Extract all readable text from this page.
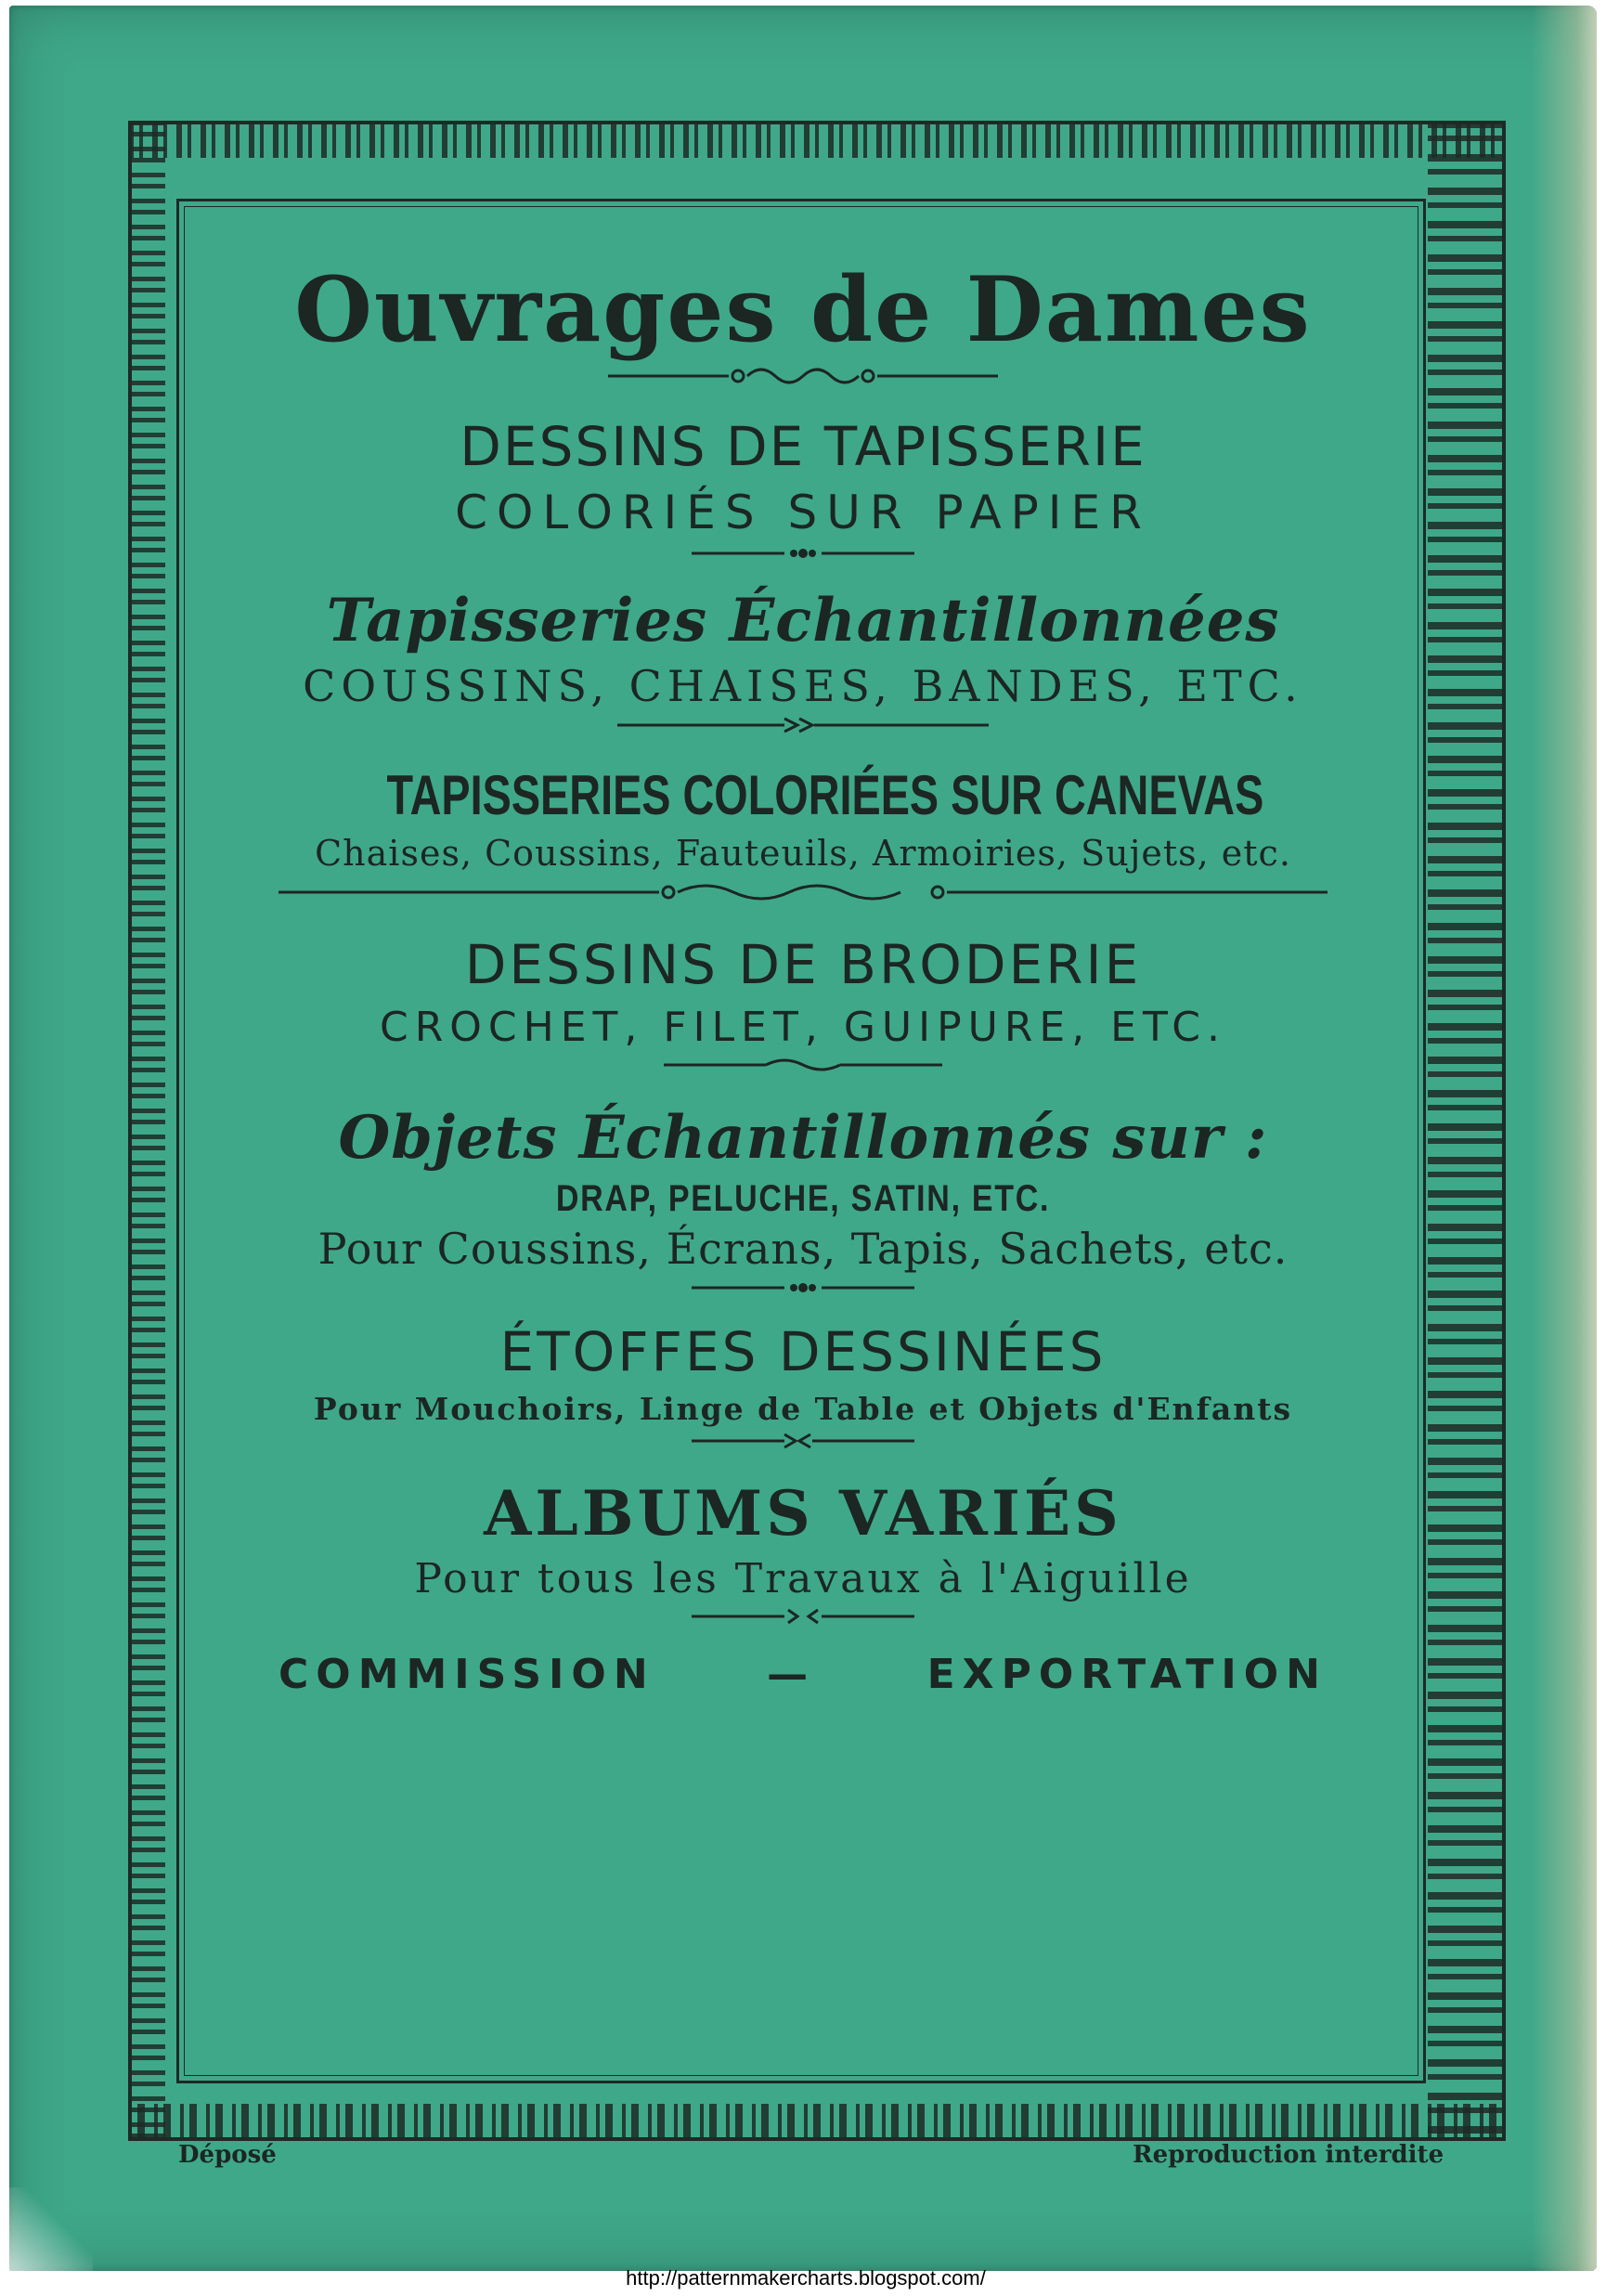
Ouvrages de Dames
DESSINS DE TAPISSERIE
COLORIÉS SUR PAPIER
Tapisseries Échantillonnées
COUSSINS, CHAISES, BANDES, ETC.
TAPISSERIES COLORIÉES SUR CANEVAS
Chaises, Coussins, Fauteuils, Armoiries, Sujets, etc.
DESSINS DE BRODERIE
CROCHET, FILET, GUIPURE, ETC.
Objets Échantillonnés sur :
DRAP, PELUCHE, SATIN, ETC.
Pour Coussins, Écrans, Tapis, Sachets, etc.
ÉTOFFES DESSINÉES
Pour Mouchoirs, Linge de Table et Objets d'Enfants
ALBUMS VARIÉS
Pour tous les Travaux à l'Aiguille
COMMISSION	—	EXPORTATION
Déposé	Reproduction interdite
http://patternmakercharts.blogspot.com/
